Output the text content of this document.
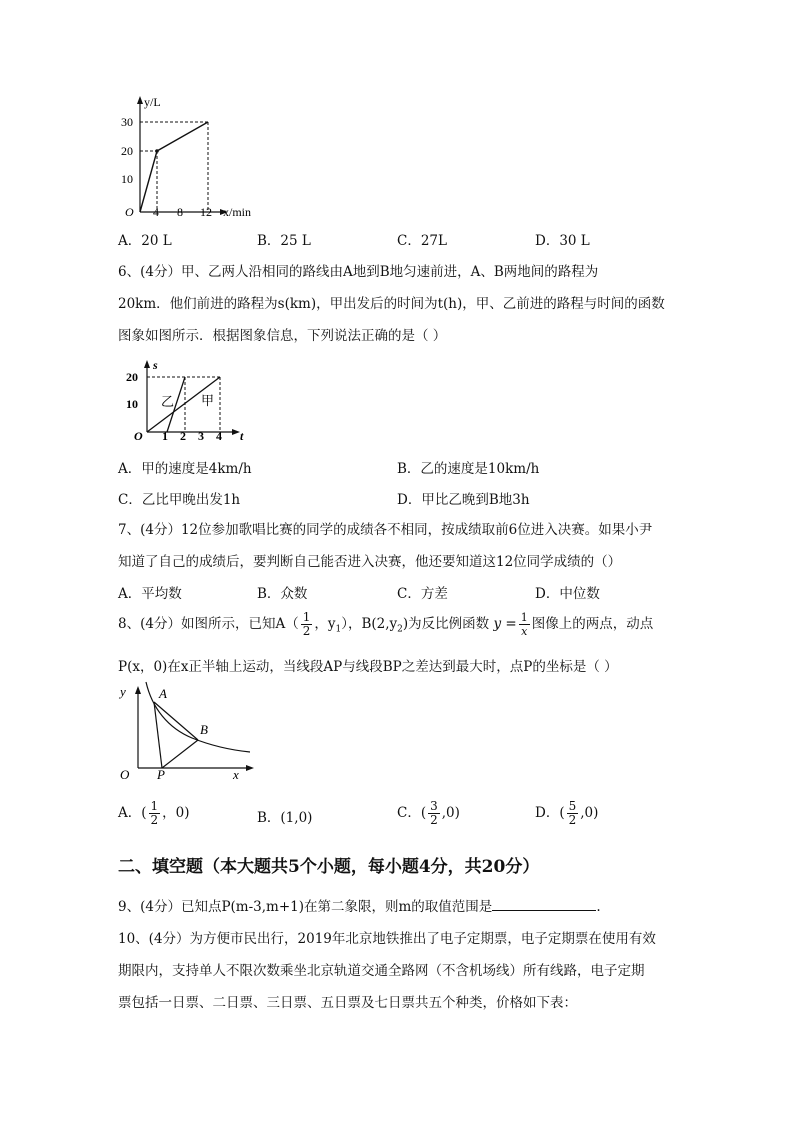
y/L
30
20
10
O 4 8 12 x/min
A．20 L	B．25 L	C．27L	D．30 L
6、(4分）甲、乙两人沿相同的路线由A地到B地匀速前进，A、B两地间的路程为
20km．他们前进的路程为s(km)，甲出发后的时间为t(h)，甲、乙前进的路程与时间的函数
图象如图所示．根据图象信息，下列说法正确的是（ ）
s
20
10
O 1 2 3 4 t
乙 甲
A．甲的速度是4km/h	B．乙的速度是10km/h
C．乙比甲晚出发1h	D．甲比乙晚到B地3h
7、(4分）12位参加歌唱比赛的同学的成绩各不相同，按成绩取前6位进入决赛。如果小尹
知道了自己的成绩后，要判断自己能否进入决赛，他还要知道这12位同学成绩的（）
A．平均数	B．众数	C．方差	D．中位数
8、(4分）如图所示，已知$A( \frac{1}{2}$ ，$y_1$），$B(2,y_2)$为反比例函数 $y = \frac{1}{x}$ 图像上的两点，动点
P(x，0)在x正半轴上运动，当线段AP与线段BP之差达到最大时，点P的坐标是（ ）
y	A
B
O P	x
A．( $\frac{1}{2}$ ，0)	B．(1,0)	C．( $\frac{3}{2} ,0$)	D．( $\frac{5}{2} ,0$)
二、填空题（本大题共5个小题，每小题4分，共20分）
9、(4分）已知点P(m-3,m+1)在第二象限，则m的取值范围是	.
10、(4分）为方便市民出行，2019年北京地铁推出了电子定期票，电子定期票在使用有效
期限内，支持单人不限次数乘坐北京轨道交通全路网（不含机场线）所有线路，电子定期
票包括一日票、二日票、三日票、五日票及七日票共五个种类，价格如下表：
